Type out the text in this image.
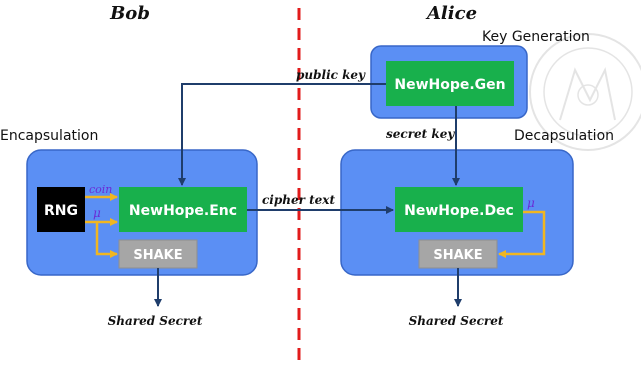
Bob	Alice
Key Generation
Encapsulation	Decapsulation
NewHope.Gen
NewHope.Enc	NewHope.Dec
RNG
SHAKE	SHAKE
public key
secret key
cipher text
coin
μ
μ
Shared Secret	Shared Secret
